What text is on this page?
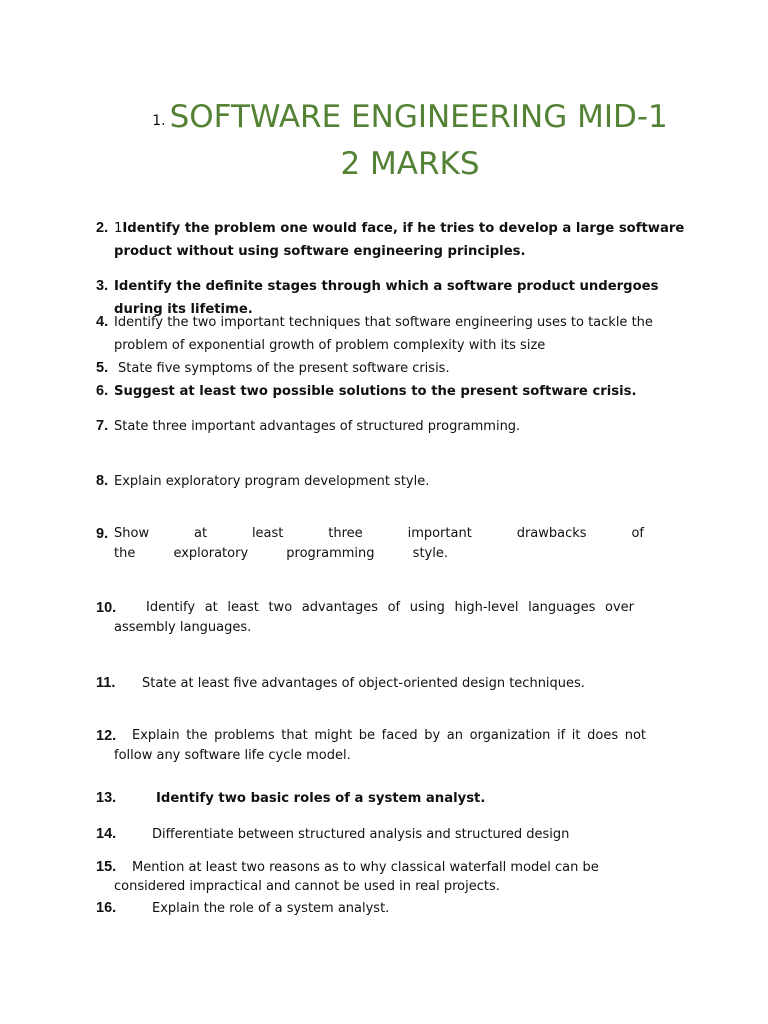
1. SOFTWARE ENGINEERING MID-1
2 MARKS
2. 1Identify the problem one would face, if he tries to develop a large software product without using software engineering principles.
3. Identify the definite stages through which a software product undergoes during its lifetime.
4. Identify the two important techniques that software engineering uses to tackle the problem of exponential growth of problem complexity with its size
5. State five symptoms of the present software crisis.
6. Suggest at least two possible solutions to the present software crisis.
7. State three important advantages of structured programming.
8. Explain exploratory program development style.
9. Show at least three important drawbacks of the exploratory programming style.
10.	Identify at least two advantages of using high-level languages over assembly languages.
11. State at least five advantages of object-oriented design techniques.
12.	Explain the problems that might be faced by an organization if it does not follow any software life cycle model.
13.	Identify two basic roles of a system analyst.
14.	Differentiate between structured analysis and structured design
15.	Mention at least two reasons as to why classical waterfall model can be considered impractical and cannot be used in real projects.
16.	Explain the role of a system analyst.
